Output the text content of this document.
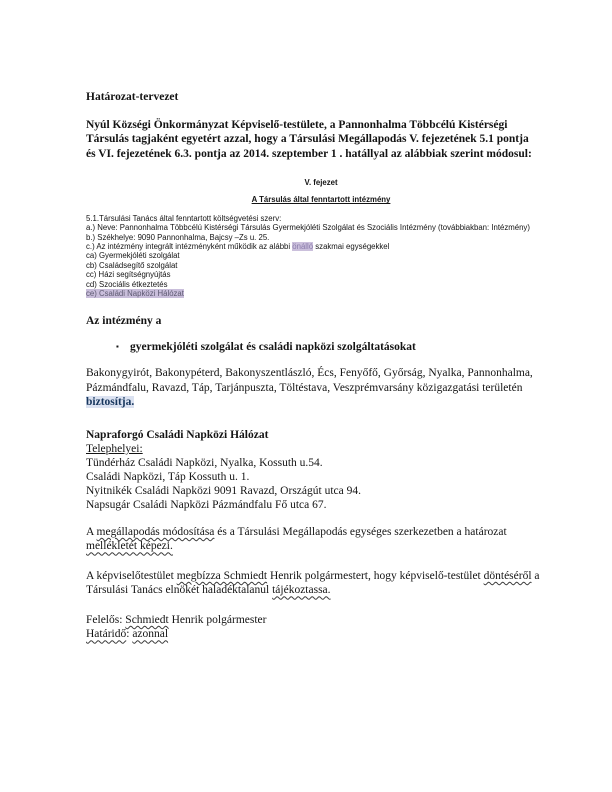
Határozat-tervezet

Nyúl Községi Önkormányzat Képviselő-testülete, a Pannonhalma Többcélú Kistérségi Társulás tagjaként egyetért azzal, hogy a Társulási Megállapodás V. fejezetének 5.1 pontja és VI. fejezetének 6.3. pontja az 2014. szeptember 1 . hatállyal az alábbiak szerint módosul:

V. fejezet

A Társulás által fenntartott intézmény

5.1.Társulási Tanács által fenntartott költségvetési szerv:

a.) Neve: Pannonhalma Többcélú Kistérségi Társulás Gyermekjóléti Szolgálat és Szociális Intézmény (továbbiakban: Intézmény)

b.) Székhelye: 9090 Pannonhalma, Bajcsy –Zs u. 25.

c.) Az intézmény integrált intézményként működik az alábbi önálló szakmai egységekkel

ca) Gyermekjóléti szolgálat

cb) Családsegítő szolgálat

cc) Házi segítségnyújtás

cd) Szociális étkeztetés

ce) Családi Napközi Hálózat

Az intézmény a

▪ gyermekjóléti szolgálat és családi napközi szolgáltatásokat

Bakonygyirót, Bakonypéterd, Bakonyszentlászló, Écs, Fenyőfő, Győrság, Nyalka, Pannonhalma, Pázmándfalu, Ravazd, Táp, Tarjánpuszta, Töltéstava, Veszprémvarsány közigazgatási területén biztosítja.

Napraforgó Családi Napközi Hálózat

Telephelyei:

Tündérház Családi Napközi, Nyalka, Kossuth u.54.

Családi Napközi, Táp Kossuth u. 1.

Nyitnikék Családi Napközi 9091 Ravazd, Országút utca 94.

Napsugár Családi Napközi Pázmándfalu Fő utca 67.

A megállapodás módosítása és a Társulási Megállapodás egységes szerkezetben a határozat mellékletét képezi.

A képviselőtestület megbízza Schmiedt Henrik polgármestert, hogy képviselő-testület döntéséről a Társulási Tanács elnökét haladéktalanul tájékoztassa.

Felelős: Schmiedt Henrik polgármester

Határidő: azonnal
